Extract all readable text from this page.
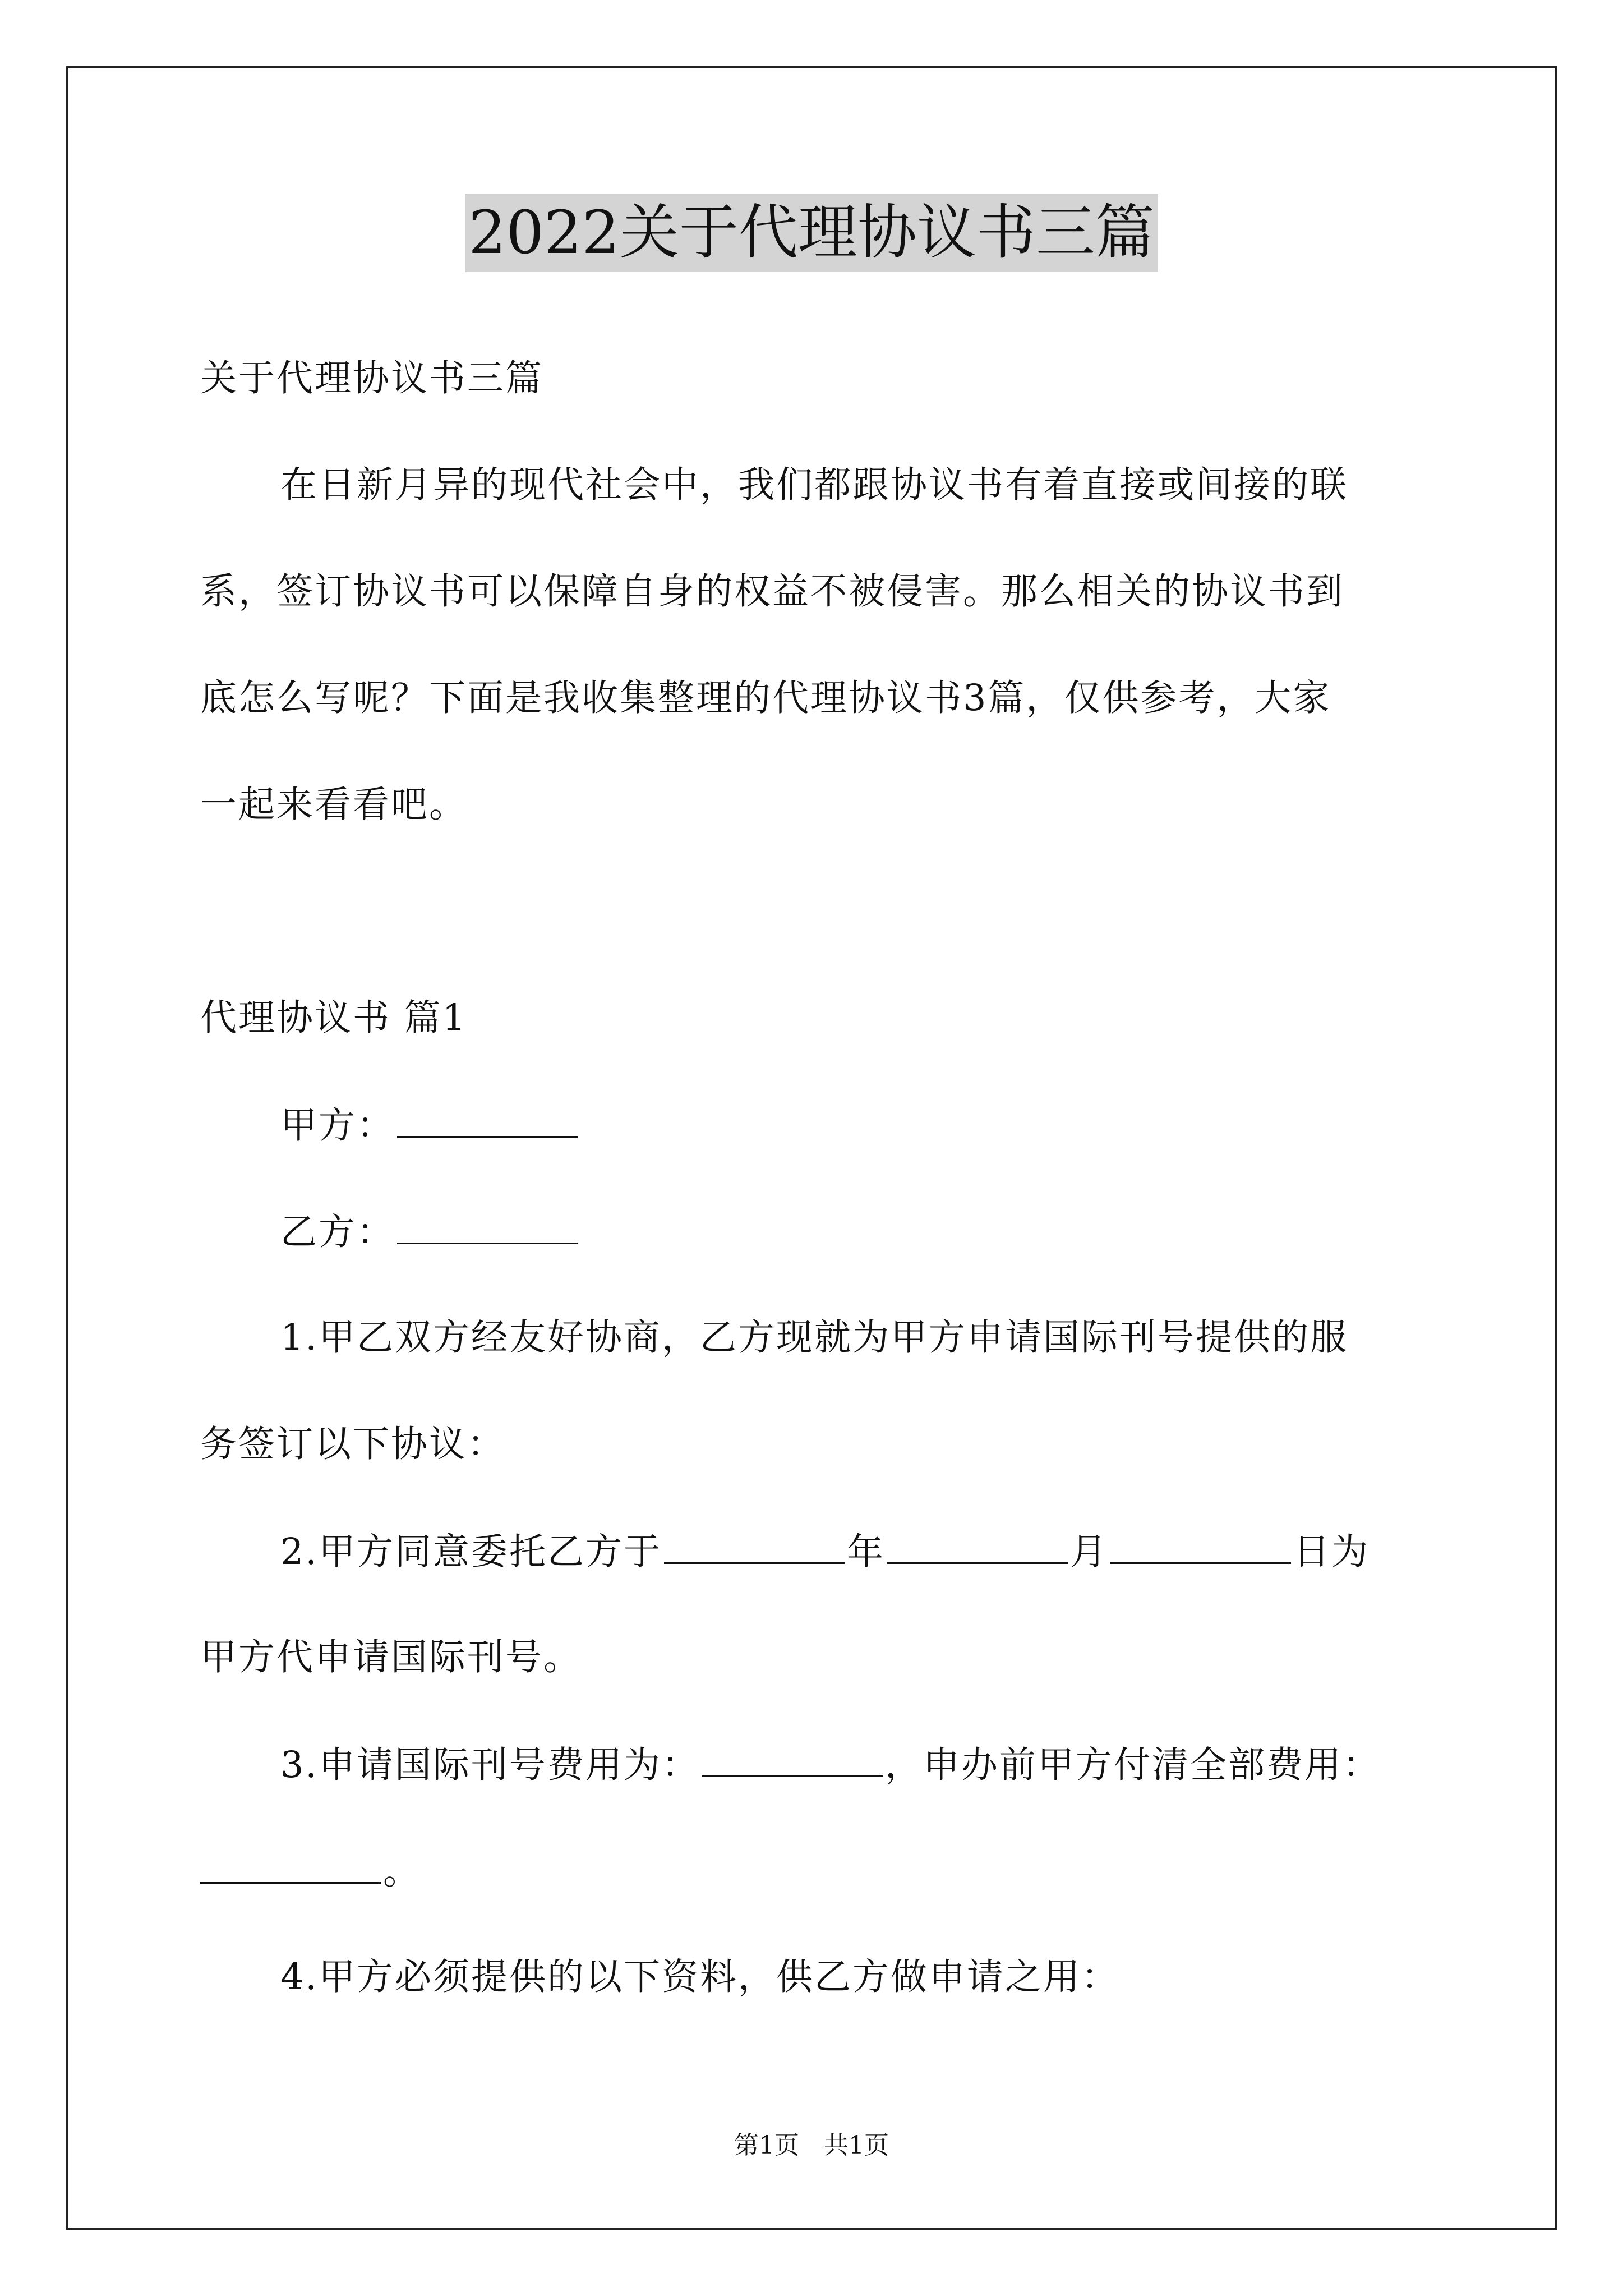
2022关于代理协议书三篇
关于代理协议书三篇
在日新月异的现代社会中，我们都跟协议书有着直接或间接的联
系，签订协议书可以保障自身的权益不被侵害。那么相关的协议书到
底怎么写呢？下面是我收集整理的代理协议书3篇，仅供参考，大家
一起来看看吧。
代理协议书 篇1
甲方：
乙方：
1.甲乙双方经友好协商，乙方现就为甲方申请国际刊号提供的服
务签订以下协议：
2.甲方同意委托乙方于	年	月	日为
甲方代申请国际刊号。
3.申请国际刊号费用为：	，申办前甲方付清全部费用：
。
4.甲方必须提供的以下资料，供乙方做申请之用：
第1页　共1页
